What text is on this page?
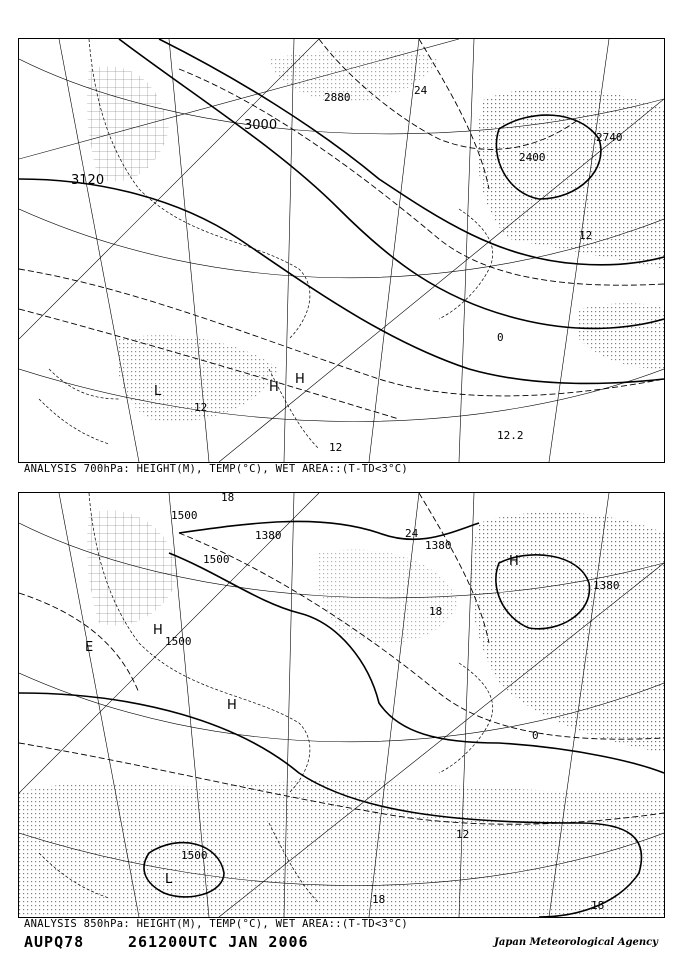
3120
3000
2880
2740
2400
24
12
0
12
12
H
L	H
12.2
ANALYSIS 700hPa: HEIGHT(M), TEMP(°C), WET AREA::(T-TD<3°C)
1500
1500
1380
1380
1500
1500
1380
18
24
18
12
0
18
18
H
H
L
H
E
ANALYSIS 850hPa: HEIGHT(M), TEMP(°C), WET AREA::(T-TD<3°C)
AUPQ78	261200UTC JAN 2006	Japan Meteorological Agency
